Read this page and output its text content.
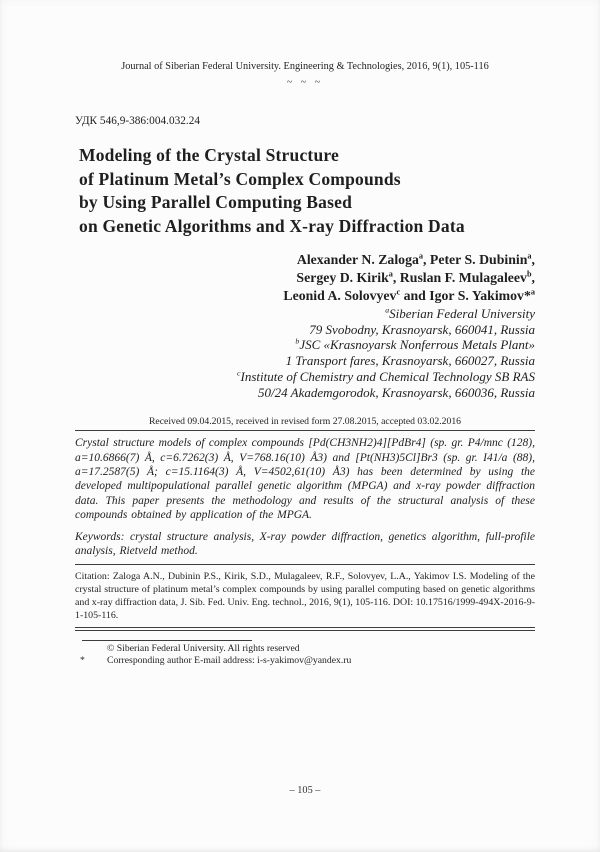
Journal of Siberian Federal University. Engineering & Technologies, 2016, 9(1), 105-116
~ ~ ~
УДК 546,9-386:004.032.24
Modeling of the Crystal Structure
of Platinum Metal’s Complex Compounds
by Using Parallel Computing Based
on Genetic Algorithms and X-ray Diffraction Data
Alexander N. Zaloga$^a$, Peter S. Dubinin$^a$,
Sergey D. Kirik$^a$, Ruslan F. Mulagaleev$^b$,
Leonid A. Solovyev$^c$ and Igor S. Yakimov*$^a$
$^a$Siberian Federal University
79 Svobodny, Krasnoyarsk, 660041, Russia
$^b$JSC «Krasnoyarsk Nonferrous Metals Plant»
1 Transport fares, Krasnoyarsk, 660027, Russia
$^c$Institute of Chemistry and Chemical Technology SB RAS
50/24 Akademgorodok, Krasnoyarsk, 660036, Russia
Received 09.04.2015, received in revised form 27.08.2015, accepted 03.02.2016
Crystal structure models of complex compounds [Pd(CH3NH2)4][PdBr4] (sp. gr. P4/mnc (128), a=10.6866(7) Å, c=6.7262(3) Å, V=768.16(10) Å3) and [Pt(NH3)5Cl]Br3 (sp. gr. I41/a (88), a=17.2587(5) Å; c=15.1164(3) Å, V=4502,61(10) Å3) has been determined by using the developed multipopulational parallel genetic algorithm (MPGA) and x-ray powder diffraction data. This paper presents the methodology and results of the structural analysis of these compounds obtained by application of the MPGA.
Keywords: crystal structure analysis, X-ray powder diffraction, genetics algorithm, full-profile analysis, Rietveld method.
Citation: Zaloga A.N., Dubinin P.S., Kirik, S.D., Mulagaleev, R.F., Solovyev, L.A., Yakimov I.S. Modeling of the crystal structure of platinum metal’s complex compounds by using parallel computing based on genetic algorithms and x-ray diffraction data, J. Sib. Fed. Univ. Eng. technol., 2016, 9(1), 105-116. DOI: 10.17516/1999-494X-2016-9-1-105-116.
© Siberian Federal University. All rights reserved
*	Corresponding author E-mail address: i-s-yakimov@yandex.ru
– 105 –
